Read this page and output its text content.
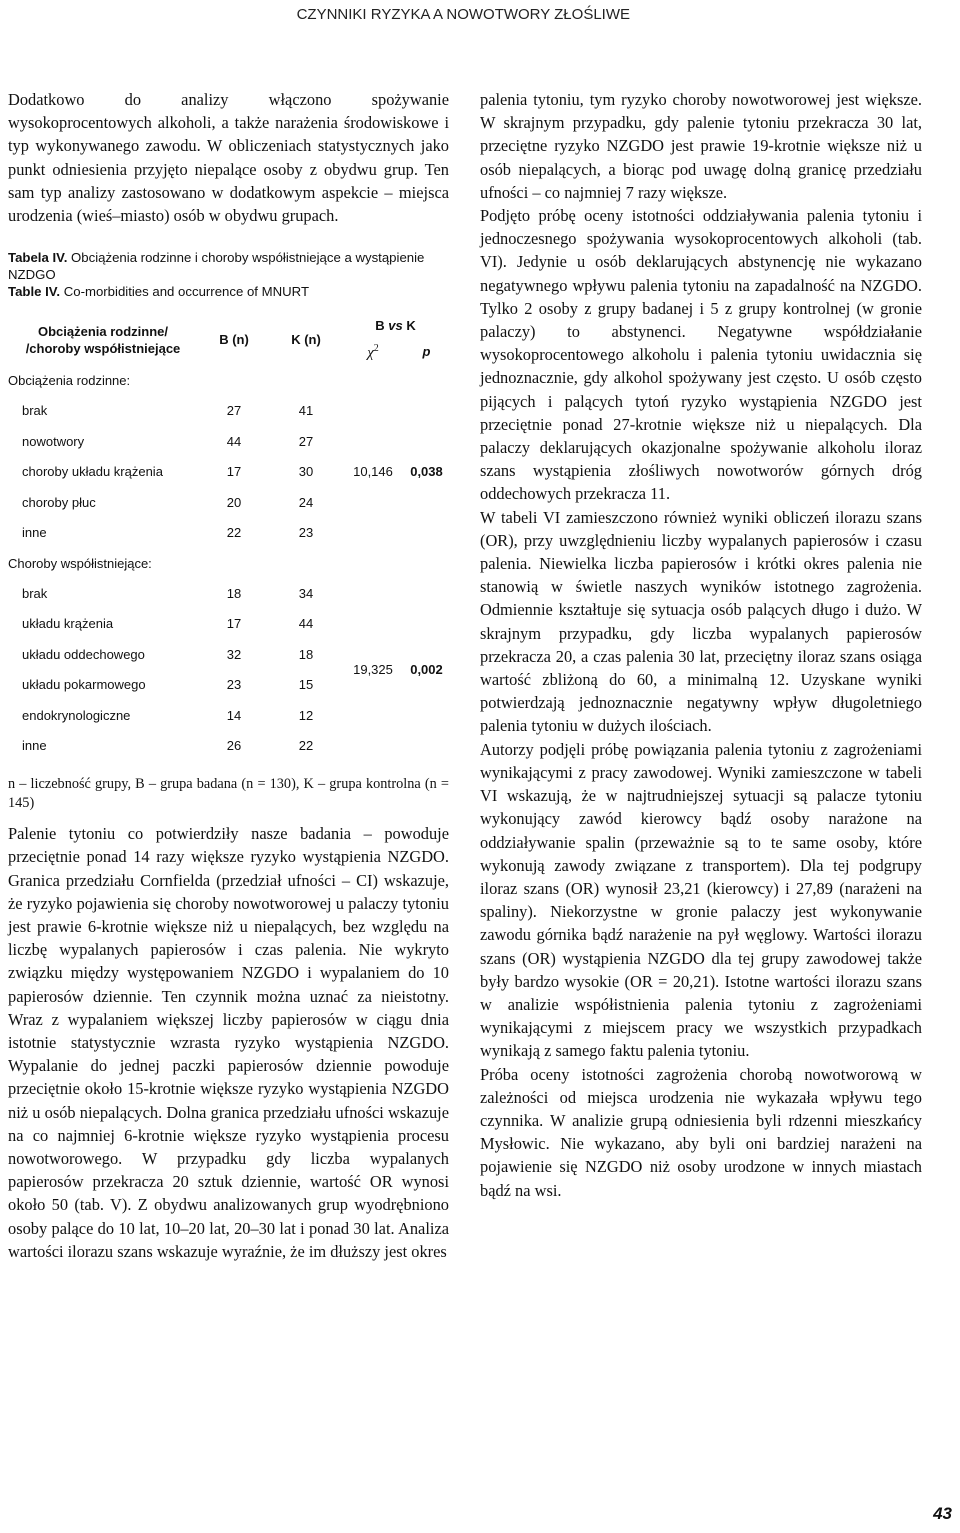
CZYNNIKI RYZYKA A NOWOTWORY ZŁOŚLIWE

Dodatkowo do analizy włączono spożywanie wysokoprocentowych alkoholi, a także narażenia środowiskowe i typ wykonywanego zawodu. W obliczeniach statystycznych jako punkt odniesienia przyjęto niepalące osoby z obydwu grup. Ten sam typ analizy zastosowano w dodatkowym aspekcie – miejsca urodzenia (wieś–miasto) osób w obydwu grupach.

Tabela IV. Obciążenia rodzinne i choroby współistniejące a wystąpienie NZDGO
Table IV. Co-morbidities and occurrence of MNURT
Obciążenia rodzinne/ /choroby współistniejące	B (n)	K (n)	B vs K	
			$\chi^2$	p
Obciążenia rodzinne:				
brak	27	41	10,146	0,038
nowotwory	44	27		
choroby układu krążenia	17	30		
choroby płuc	20	24		
inne	22	23		
Choroby współistniejące:				
brak	18	34	19,325	0,002
układu krążenia	17	44		
układu oddechowego	32	18		
układu pokarmowego	23	15		
endokrynologiczne	14	12		
inne	26	22		
n – liczebność grupy, B – grupa badana (n = 130), K – grupa kontrolna (n = 145)

Palenie tytoniu co potwierdziły nasze badania – powoduje przeciętnie ponad 14 razy większe ryzyko wystąpienia NZGDO. Granica przedziału Cornfielda (przedział ufności – CI) wskazuje, że ryzyko pojawienia się choroby nowotworowej u palaczy tytoniu jest prawie 6-krotnie większe niż u niepalących, bez względu na liczbę wypalanych papierosów i czas palenia. Nie wykryto związku między występowaniem NZGDO i wypalaniem do 10 papierosów dziennie. Ten czynnik można uznać za nieistotny. Wraz z wypalaniem większej liczby papierosów w ciągu dnia istotnie statystycznie wzrasta ryzyko wystąpienia NZGDO. Wypalanie do jednej paczki papierosów dziennie powoduje przeciętnie około 15-krotnie większe ryzyko wystąpienia NZGDO niż u osób niepalących. Dolna granica przedziału ufności wskazuje na co najmniej 6-krotnie większe ryzyko wystąpienia procesu nowotworowego. W przypadku gdy liczba wypalanych papierosów przekracza 20 sztuk dziennie, wartość OR wynosi około 50 (tab. V). Z obydwu analizowanych grup wyodrębniono osoby palące do 10 lat, 10–20 lat, 20–30 lat i ponad 30 lat. Analiza wartości ilorazu szans wskazuje wyraźnie, że im dłuższy jest okres

palenia tytoniu, tym ryzyko choroby nowotworowej jest większe. W skrajnym przypadku, gdy palenie tytoniu przekracza 30 lat, przeciętne ryzyko NZGDO jest prawie 19-krotnie większe niż u osób niepalących, a biorąc pod uwagę dolną granicę przedziału ufności – co najmniej 7 razy większe.

Podjęto próbę oceny istotności oddziaływania palenia tytoniu i jednoczesnego spożywania wysokoprocentowych alkoholi (tab. VI). Jedynie u osób deklarujących abstynencję nie wykazano negatywnego wpływu palenia tytoniu na zapadalność na NZGDO. Tylko 2 osoby z grupy badanej i 5 z grupy kontrolnej (w gronie palaczy) to abstynenci. Negatywne współdziałanie wysokoprocentowego alkoholu i palenia tytoniu uwidacznia się jednoznacznie, gdy alkohol spożywany jest często. U osób często pijących i palących tytoń ryzyko wystąpienia NZGDO jest przeciętnie ponad 27-krotnie większe niż u niepalących. Dla palaczy deklarujących okazjonalne spożywanie alkoholu iloraz szans wystąpienia złośliwych nowotworów górnych dróg oddechowych przekracza 11.

W tabeli VI zamieszczono również wyniki obliczeń ilorazu szans (OR), przy uwzględnieniu liczby wypalanych papierosów i czasu palenia. Niewielka liczba papierosów i krótki okres palenia nie stanowią w świetle naszych wyników istotnego zagrożenia. Odmiennie kształtuje się sytuacja osób palących długo i dużo. W skrajnym przypadku, gdy liczba wypalanych papierosów przekracza 20, a czas palenia 30 lat, przeciętny iloraz szans osiąga wartość zbliżoną do 60, a minimalną 12. Uzyskane wyniki potwierdzają jednoznacznie negatywny wpływ długoletniego palenia tytoniu w dużych ilościach.

Autorzy podjęli próbę powiązania palenia tytoniu z zagrożeniami wynikającymi z pracy zawodowej. Wyniki zamieszczone w tabeli VI wskazują, że w najtrudniejszej sytuacji są palacze tytoniu wykonujący zawód kierowcy bądź osoby narażone na oddziaływanie spalin (przeważnie są to te same osoby, które wykonują zawody związane z transportem). Dla tej podgrupy iloraz szans (OR) wynosił 23,21 (kierowcy) i 27,89 (narażeni na spaliny). Niekorzystne w gronie palaczy jest wykonywanie zawodu górnika bądź narażenie na pył węglowy. Wartości ilorazu szans (OR) wystąpienia NZGDO dla tej grupy zawodowej także były bardzo wysokie (OR = 20,21). Istotne wartości ilorazu szans w analizie współistnienia palenia tytoniu z zagrożeniami wynikającymi z miejscem pracy we wszystkich przypadkach wynikają z samego faktu palenia tytoniu.

Próba oceny istotności zagrożenia chorobą nowotworową w zależności od miejsca urodzenia nie wykazała wpływu tego czynnika. W analizie grupą odniesienia byli rdzenni mieszkańcy Mysłowic. Nie wykazano, aby byli oni bardziej narażeni na pojawienie się NZGDO niż osoby urodzone w innych miastach bądź na wsi.

43
